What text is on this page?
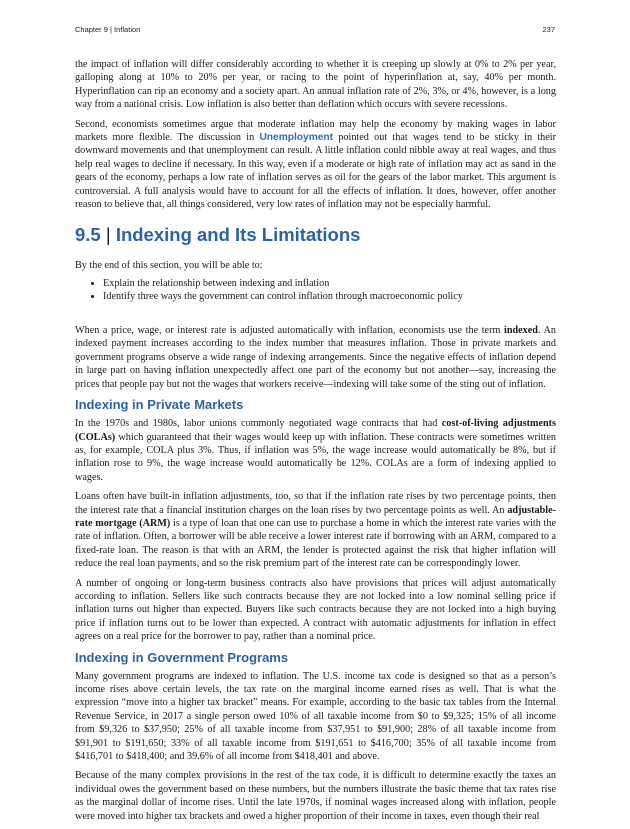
Chapter 9 | Inflation	237

the impact of inflation will differ considerably according to whether it is creeping up slowly at 0% to 2% per year, galloping along at 10% to 20% per year, or racing to the point of hyperinflation at, say, 40% per month. Hyperinflation can rip an economy and a society apart. An annual inflation rate of 2%, 3%, or 4%, however, is a long way from a national crisis. Low inflation is also better than deflation which occurs with severe recessions.

Second, economists sometimes argue that moderate inflation may help the economy by making wages in labor markets more flexible. The discussion in Unemployment pointed out that wages tend to be sticky in their downward movements and that unemployment can result. A little inflation could nibble away at real wages, and thus help real wages to decline if necessary. In this way, even if a moderate or high rate of inflation may act as sand in the gears of the economy, perhaps a low rate of inflation serves as oil for the gears of the labor market. This argument is controversial. A full analysis would have to account for all the effects of inflation. It does, however, offer another reason to believe that, all things considered, very low rates of inflation may not be especially harmful.

9.5 | Indexing and Its Limitations

By the end of this section, you will be able to:

• Explain the relationship between indexing and inflation
• Identify three ways the government can control inflation through macroeconomic policy

When a price, wage, or interest rate is adjusted automatically with inflation, economists use the term indexed. An indexed payment increases according to the index number that measures inflation. Those in private markets and government programs observe a wide range of indexing arrangements. Since the negative effects of inflation depend in large part on having inflation unexpectedly affect one part of the economy but not another—say, increasing the prices that people pay but not the wages that workers receive—indexing will take some of the sting out of inflation.

Indexing in Private Markets

In the 1970s and 1980s, labor unions commonly negotiated wage contracts that had cost-of-living adjustments (COLAs) which guaranteed that their wages would keep up with inflation. These contracts were sometimes written as, for example, COLA plus 3%. Thus, if inflation was 5%, the wage increase would automatically be 8%, but if inflation rose to 9%, the wage increase would automatically be 12%. COLAs are a form of indexing applied to wages.

Loans often have built-in inflation adjustments, too, so that if the inflation rate rises by two percentage points, then the interest rate that a financial institution charges on the loan rises by two percentage points as well. An adjustable-rate mortgage (ARM) is a type of loan that one can use to purchase a home in which the interest rate varies with the rate of inflation. Often, a borrower will be able receive a lower interest rate if borrowing with an ARM, compared to a fixed-rate loan. The reason is that with an ARM, the lender is protected against the risk that higher inflation will reduce the real loan payments, and so the risk premium part of the interest rate can be correspondingly lower.

A number of ongoing or long-term business contracts also have provisions that prices will adjust automatically according to inflation. Sellers like such contracts because they are not locked into a low nominal selling price if inflation turns out higher than expected. Buyers like such contracts because they are not locked into a high buying price if inflation turns out to be lower than expected. A contract with automatic adjustments for inflation in effect agrees on a real price for the borrower to pay, rather than a nominal price.

Indexing in Government Programs

Many government programs are indexed to inflation. The U.S. income tax code is designed so that as a person’s income rises above certain levels, the tax rate on the marginal income earned rises as well. That is what the expression “move into a higher tax bracket” means. For example, according to the basic tax tables from the Internal Revenue Service, in 2017 a single person owed 10% of all taxable income from $0 to $9,325; 15% of all income from $9,326 to $37,950; 25% of all taxable income from $37,951 to $91,900; 28% of all taxable income from $91,901 to $191,650; 33% of all taxable income from $191,651 to $416,700; 35% of all taxable income from $416,701 to $418,400; and 39.6% of all income from $418,401 and above.

Because of the many complex provisions in the rest of the tax code, it is difficult to determine exactly the taxes an individual owes the government based on these numbers, but the numbers illustrate the basic theme that tax rates rise as the marginal dollar of income rises. Until the late 1970s, if nominal wages increased along with inflation, people were moved into higher tax brackets and owed a higher proportion of their income in taxes, even though their real
